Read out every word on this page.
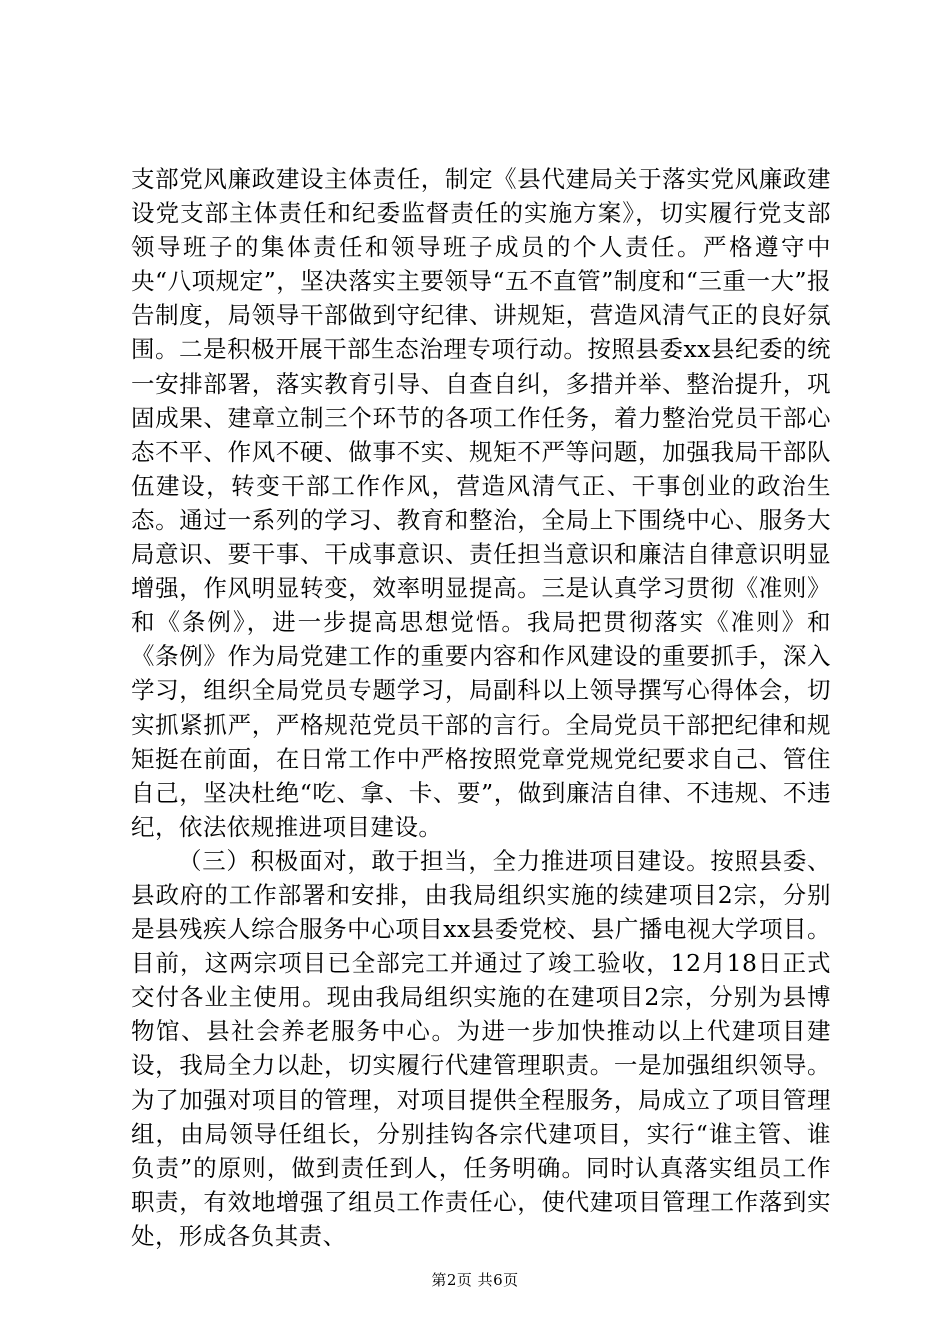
支部党风廉政建设主体责任，制定《县代建局关于落实党风廉政建设党支部主体责任和纪委监督责任的实施方案》，切实履行党支部领导班子的集体责任和领导班子成员的个人责任。严格遵守中央“八项规定”，坚决落实主要领导“五不直管”制度和“三重一大”报告制度，局领导干部做到守纪律、讲规矩，营造风清气正的良好氛围。二是积极开展干部生态治理专项行动。按照县委xx县纪委的统一安排部署，落实教育引导、自查自纠，多措并举、整治提升，巩固成果、建章立制三个环节的各项工作任务，着力整治党员干部心态不平、作风不硬、做事不实、规矩不严等问题，加强我局干部队伍建设，转变干部工作作风，营造风清气正、干事创业的政治生态。通过一系列的学习、教育和整治，全局上下围绕中心、服务大局意识、要干事、干成事意识、责任担当意识和廉洁自律意识明显增强，作风明显转变，效率明显提高。三是认真学习贯彻《准则》和《条例》，进一步提高思想觉悟。我局把贯彻落实《准则》和《条例》作为局党建工作的重要内容和作风建设的重要抓手，深入学习，组织全局党员专题学习，局副科以上领导撰写心得体会，切实抓紧抓严，严格规范党员干部的言行。全局党员干部把纪律和规矩挺在前面，在日常工作中严格按照党章党规党纪要求自己、管住自己，坚决杜绝“吃、拿、卡、要”，做到廉洁自律、不违规、不违纪，依法依规推进项目建设。

（三）积极面对，敢于担当，全力推进项目建设。按照县委、县政府的工作部署和安排，由我局组织实施的续建项目2宗，分别是县残疾人综合服务中心项目xx县委党校、县广播电视大学项目。目前，这两宗项目已全部完工并通过了竣工验收，12月18日正式交付各业主使用。现由我局组织实施的在建项目2宗，分别为县博物馆、县社会养老服务中心。为进一步加快推动以上代建项目建设，我局全力以赴，切实履行代建管理职责。一是加强组织领导。为了加强对项目的管理，对项目提供全程服务，局成立了项目管理组，由局领导任组长，分别挂钩各宗代建项目，实行“谁主管、谁负责”的原则，做到责任到人，任务明确。同时认真落实组员工作职责，有效地增强了组员工作责任心，使代建项目管理工作落到实处，形成各负其责、

第2页 共6页
